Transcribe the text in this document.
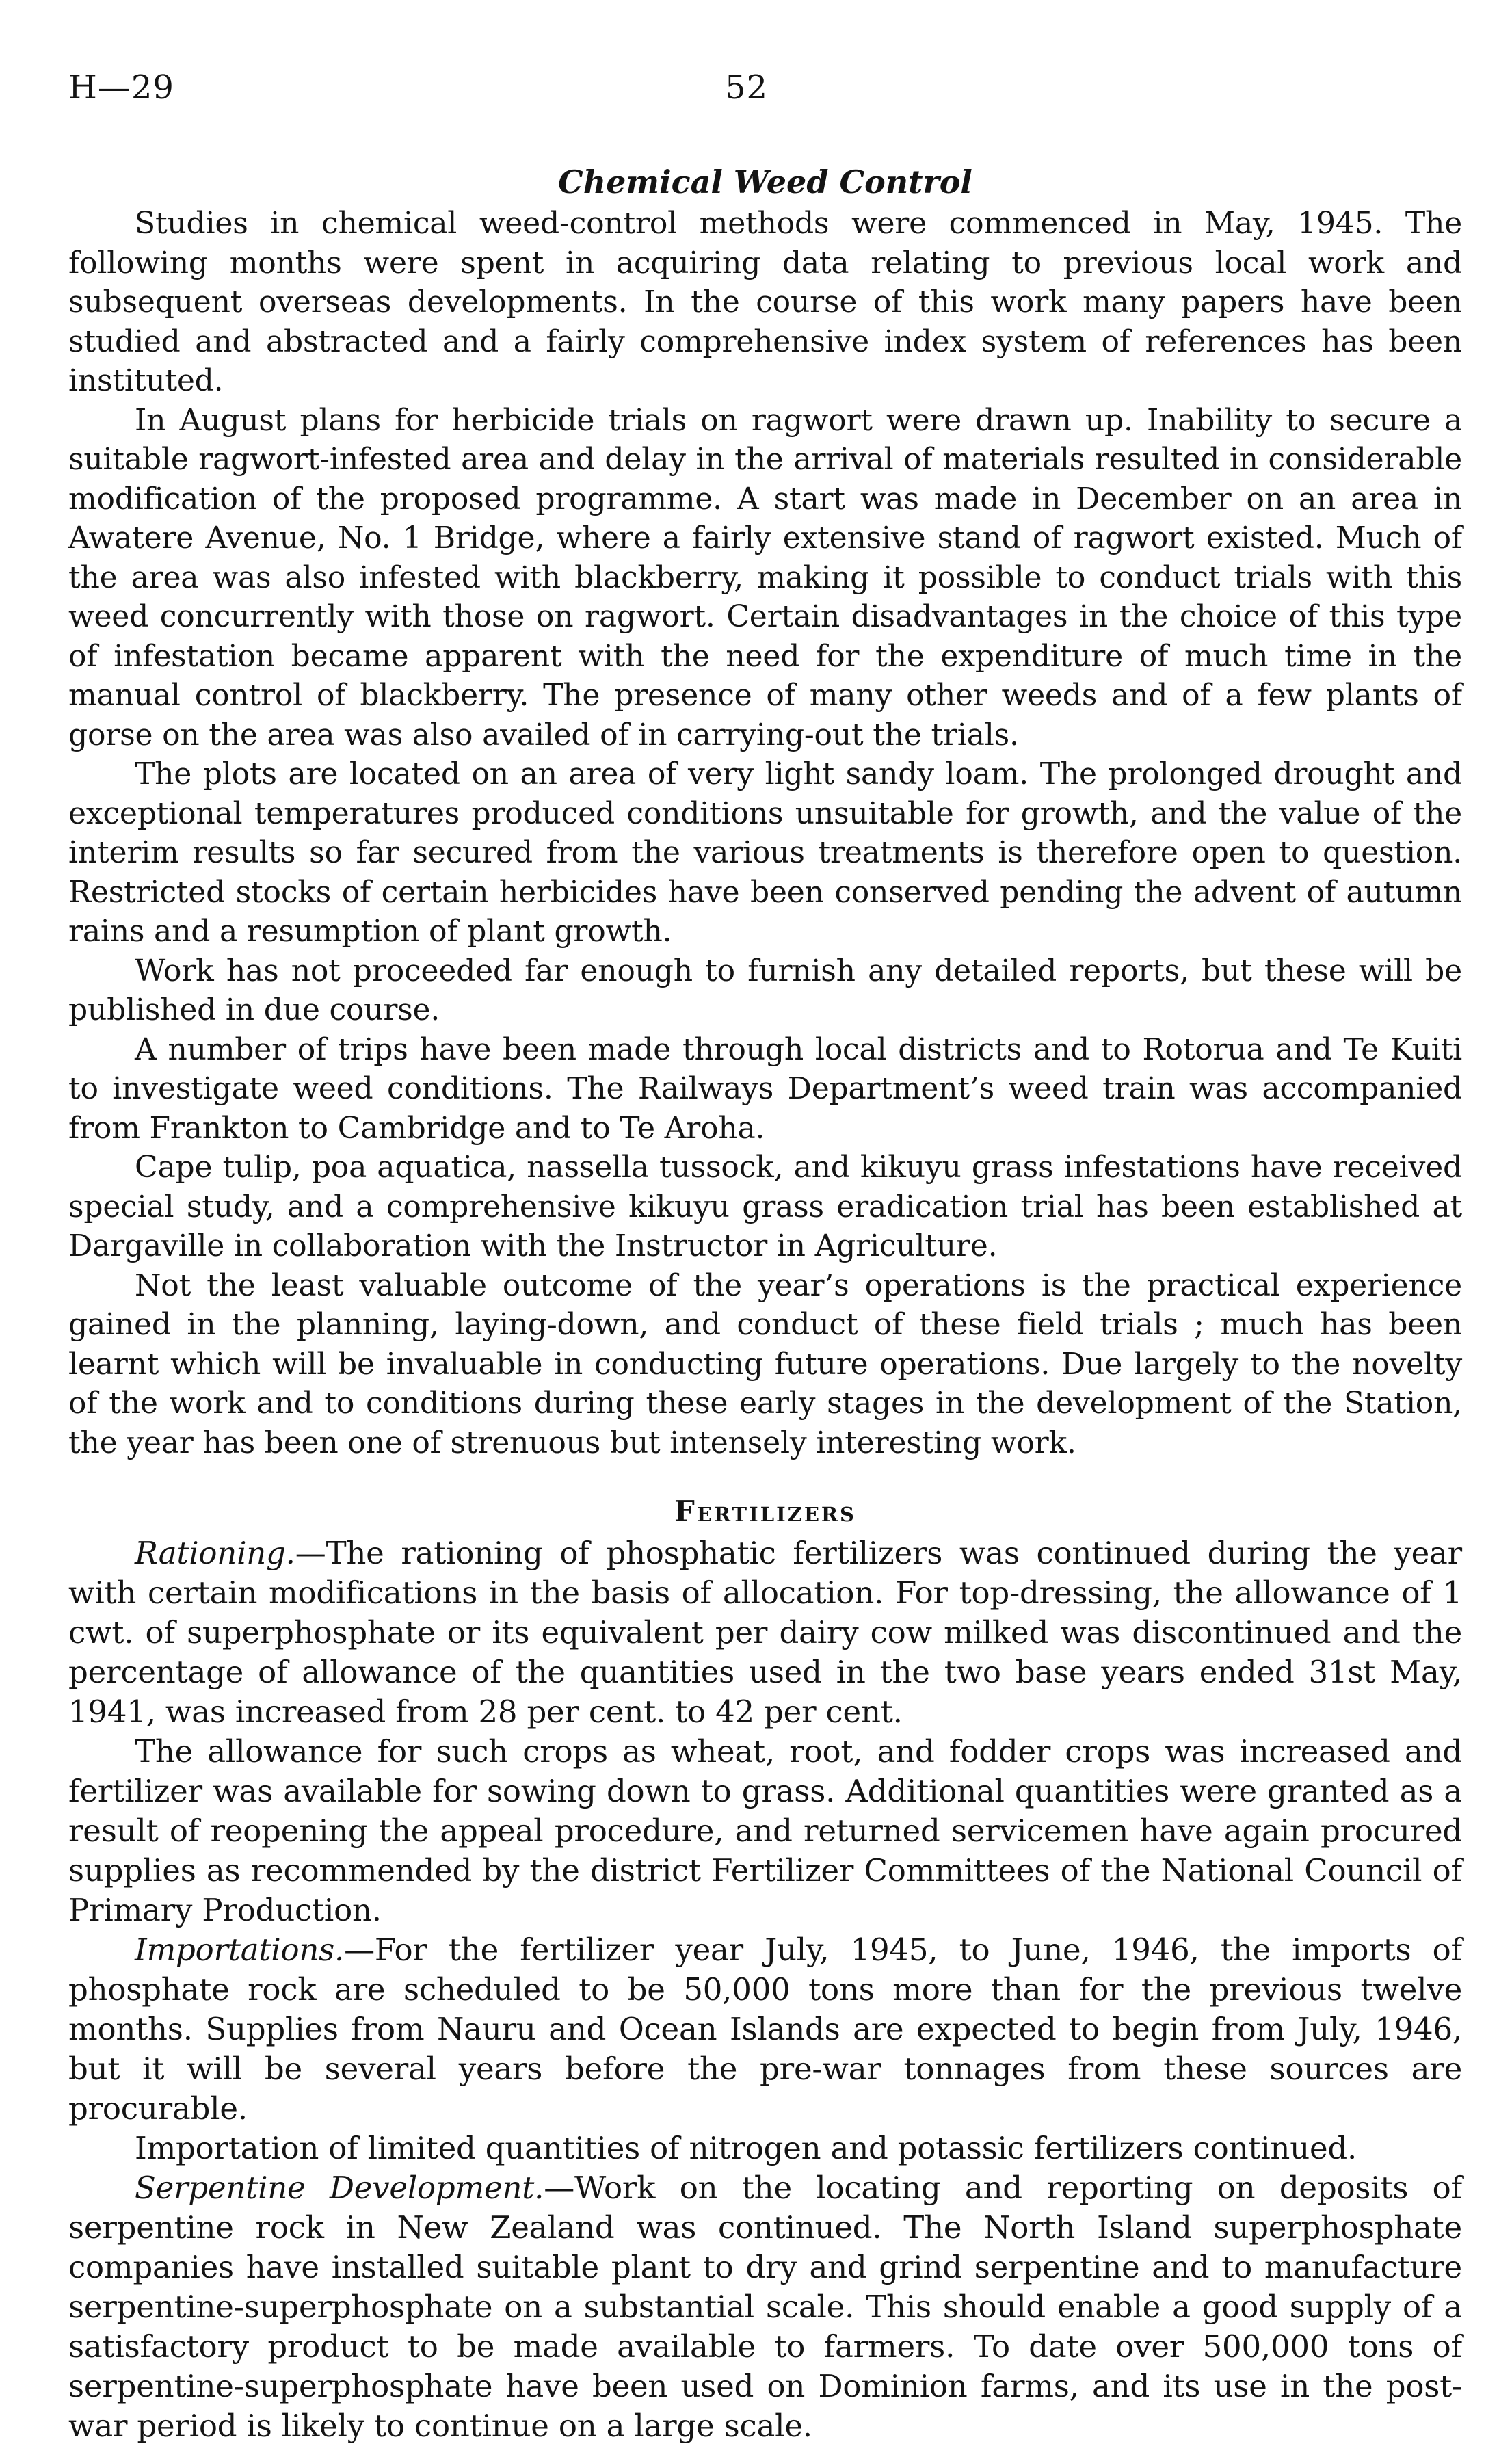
H—29	52
Chemical Weed Control

Studies in chemical weed-control methods were commenced in May, 1945. The following months were spent in acquiring data relating to previous local work and subsequent overseas developments. In the course of this work many papers have been studied and abstracted and a fairly comprehensive index system of references has been instituted.

In August plans for herbicide trials on ragwort were drawn up. Inability to secure a suitable ragwort-infested area and delay in the arrival of materials resulted in considerable modification of the proposed programme. A start was made in December on an area in Awatere Avenue, No. 1 Bridge, where a fairly extensive stand of ragwort existed. Much of the area was also infested with blackberry, making it possible to conduct trials with this weed concurrently with those on ragwort. Certain disadvantages in the choice of this type of infestation became apparent with the need for the expenditure of much time in the manual control of blackberry. The presence of many other weeds and of a few plants of gorse on the area was also availed of in carrying-out the trials.

The plots are located on an area of very light sandy loam. The prolonged drought and exceptional temperatures produced conditions unsuitable for growth, and the value of the interim results so far secured from the various treatments is therefore open to question. Restricted stocks of certain herbicides have been conserved pending the advent of autumn rains and a resumption of plant growth.

Work has not proceeded far enough to furnish any detailed reports, but these will be published in due course.

A number of trips have been made through local districts and to Rotorua and Te Kuiti to investigate weed conditions. The Railways Department’s weed train was accompanied from Frankton to Cambridge and to Te Aroha.

Cape tulip, poa aquatica, nassella tussock, and kikuyu grass infestations have received special study, and a comprehensive kikuyu grass eradication trial has been established at Dargaville in collaboration with the Instructor in Agriculture.

Not the least valuable outcome of the year’s operations is the practical experience gained in the planning, laying-down, and conduct of these field trials ; much has been learnt which will be invaluable in conducting future operations. Due largely to the novelty of the work and to conditions during these early stages in the development of the Station, the year has been one of strenuous but intensely interesting work.

Fertilizers

Rationing.—The rationing of phosphatic fertilizers was continued during the year with certain modifications in the basis of allocation. For top-dressing, the allowance of 1 cwt. of superphosphate or its equivalent per dairy cow milked was discontinued and the percentage of allowance of the quantities used in the two base years ended 31st May, 1941, was increased from 28 per cent. to 42 per cent.

The allowance for such crops as wheat, root, and fodder crops was increased and fertilizer was available for sowing down to grass. Additional quantities were granted as a result of reopening the appeal procedure, and returned servicemen have again procured supplies as recommended by the district Fertilizer Committees of the National Council of Primary Production.

Importations.—For the fertilizer year July, 1945, to June, 1946, the imports of phosphate rock are scheduled to be 50,000 tons more than for the previous twelve months. Supplies from Nauru and Ocean Islands are expected to begin from July, 1946, but it will be several years before the pre-war tonnages from these sources are procurable.

Importation of limited quantities of nitrogen and potassic fertilizers continued.

Serpentine Development.—Work on the locating and reporting on deposits of serpentine rock in New Zealand was continued. The North Island superphosphate companies have installed suitable plant to dry and grind serpentine and to manufacture serpentine-superphosphate on a substantial scale. This should enable a good supply of a satisfactory product to be made available to farmers. To date over 500,000 tons of serpentine-superphosphate have been used on Dominion farms, and its use in the post-war period is likely to continue on a large scale.
